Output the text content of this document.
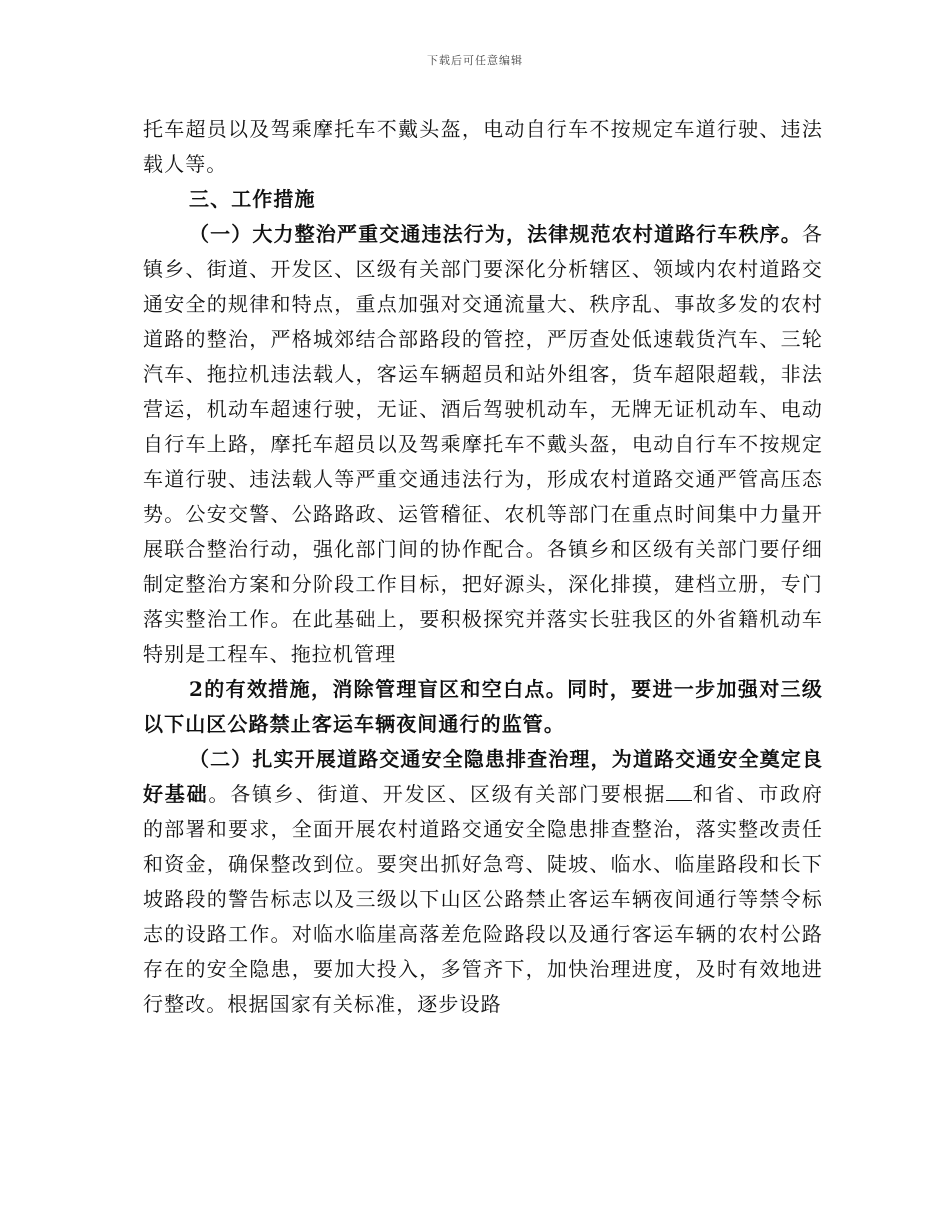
下载后可任意编辑

托车超员以及驾乘摩托车不戴头盔，电动自行车不按规定车道行驶、违法载人等。

三、工作措施

（一）大力整治严重交通违法行为，法律规范农村道路行车秩序。各镇乡、街道、开发区、区级有关部门要深化分析辖区、领域内农村道路交通安全的规律和特点，重点加强对交通流量大、秩序乱、事故多发的农村道路的整治，严格城郊结合部路段的管控，严厉查处低速载货汽车、三轮汽车、拖拉机违法载人，客运车辆超员和站外组客，货车超限超载，非法营运，机动车超速行驶，无证、酒后驾驶机动车，无牌无证机动车、电动自行车上路，摩托车超员以及驾乘摩托车不戴头盔，电动自行车不按规定车道行驶、违法载人等严重交通违法行为，形成农村道路交通严管高压态势。公安交警、公路路政、运管稽征、农机等部门在重点时间集中力量开展联合整治行动，强化部门间的协作配合。各镇乡和区级有关部门要仔细制定整治方案和分阶段工作目标，把好源头，深化排摸，建档立册，专门落实整治工作。在此基础上，要积极探究并落实长驻我区的外省籍机动车特别是工程车、拖拉机管理

2的有效措施，消除管理盲区和空白点。同时，要进一步加强对三级以下山区公路禁止客运车辆夜间通行的监管。

（二）扎实开展道路交通安全隐患排查治理，为道路交通安全奠定良好基础。各镇乡、街道、开发区、区级有关部门要根据 和省、市政府的部署和要求，全面开展农村道路交通安全隐患排查整治，落实整改责任和资金，确保整改到位。要突出抓好急弯、陡坡、临水、临崖路段和长下坡路段的警告标志以及三级以下山区公路禁止客运车辆夜间通行等禁令标志的设路工作。对临水临崖高落差危险路段以及通行客运车辆的农村公路存在的安全隐患，要加大投入，多管齐下，加快治理进度，及时有效地进行整改。根据国家有关标准，逐步设路
